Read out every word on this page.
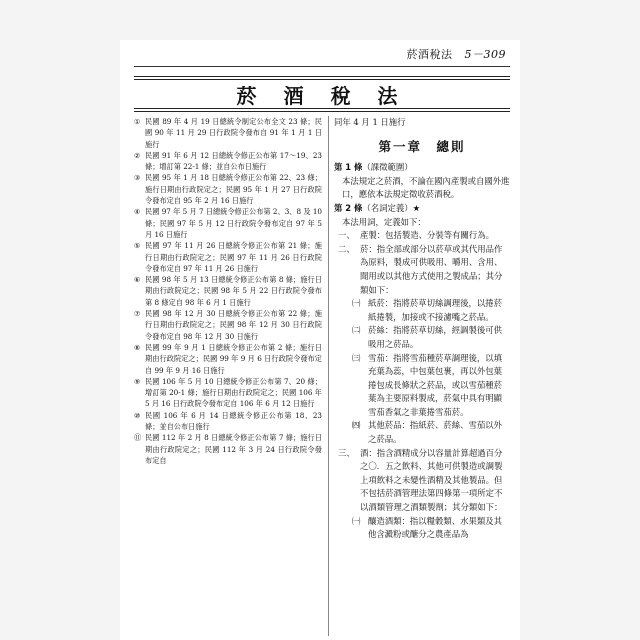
菸酒稅法 5－309
菸 酒 稅 法
① 民國 89 年 4 月 19 日總統令制定公布全文 23 條；民國 90 年 11 月 29 日行政院令發布自 91 年 1 月 1 日施行
② 民國 91 年 6 月 12 日總統令修正公布第 17～19、23 條；增訂第 22-1 條；並自公布日施行
③ 民國 95 年 1 月 18 日總統令修正公布第 22、23 條；施行日期由行政院定之；民國 95 年 1 月 27 日行政院令發布定自 95 年 2 月 16 日施行
④ 民國 97 年 5 月 7 日總統令修正公布第 2、3、8 及 10 條；民國 97 年 5 月 12 日行政院令發布定自 97 年 5 月 16 日施行
⑤ 民國 97 年 11 月 26 日總統令修正公布第 21 條；施行日期由行政院定之；民國 97 年 11 月 26 日行政院令發布定自 97 年 11 月 26 日施行
⑥ 民國 98 年 5 月 13 日總統令修正公布第 8 條；施行日期由行政院定之；民國 98 年 5 月 22 日行政院令發布第 8 條定自 98 年 6 月 1 日施行
⑦ 民國 98 年 12 月 30 日總統令修正公布第 22 條；施行日期由行政院定之；民國 98 年 12 月 30 日行政院令發布定自 98 年 12 月 30 日施行
⑧ 民國 99 年 9 月 1 日總統令修正公布第 2 條；施行日期由行政院定之；民國 99 年 9 月 6 日行政院令發布定自 99 年 9 月 16 日施行
⑨ 民國 106 年 5 月 10 日總統令修正公布第 7、20 條；增訂第 20-1 條；施行日期由行政院定之；民國 106 年 5 月 16 日行政院令發布定自 106 年 6 月 12 日施行
⑩ 民國 106 年 6 月 14 日總統令修正公布第 18、23 條；並自公布日施行
⑪ 民國 112 年 2 月 8 日總統令修正公布第 7 條；施行日期由行政院定之；民國 112 年 3 月 24 日行政院令發布定自
同年 4 月 1 日施行
第一章　總則
第 1 條（課徵範圍）
本法規定之菸酒，不論在國內產製或自國外進口，應依本法規定徵收菸酒稅。
第 2 條（名詞定義）★
本法用詞，定義如下：
一、 產製：包括製造、分裝等有關行為。
二、 菸：指全部或部分以菸草或其代用品作為原料，製成可供吸用、嚼用、含用、聞用或以其他方式使用之製成品；其分類如下：
㈠ 紙菸：指將菸草切絲調理後，以捲菸紙捲製，加接或不接濾嘴之菸品。
㈡ 菸絲：指將菸草切絲，經調製後可供吸用之菸品。
㈢ 雪茄：指將雪茄種菸草調理後，以填充葉為蕊，中包葉包裹，再以外包葉捲包成長條狀之菸品，或以雪茄種菸葉為主要原料製成，菸氣中具有明顯雪茄香氣之非葉捲雪茄菸。
㈣ 其他菸品：指紙菸、菸絲、雪茄以外之菸品。
三、 酒：指含酒精成分以容量計算超過百分之〇．五之飲料、其他可供製造或調製上項飲料之未變性酒精及其他製品。但不包括菸酒管理法第四條第一項所定不以酒類管理之酒類製劑；其分類如下：
㈠ 釀造酒類：指以糧穀類、水果類及其他含澱粉或醣分之農產品為
